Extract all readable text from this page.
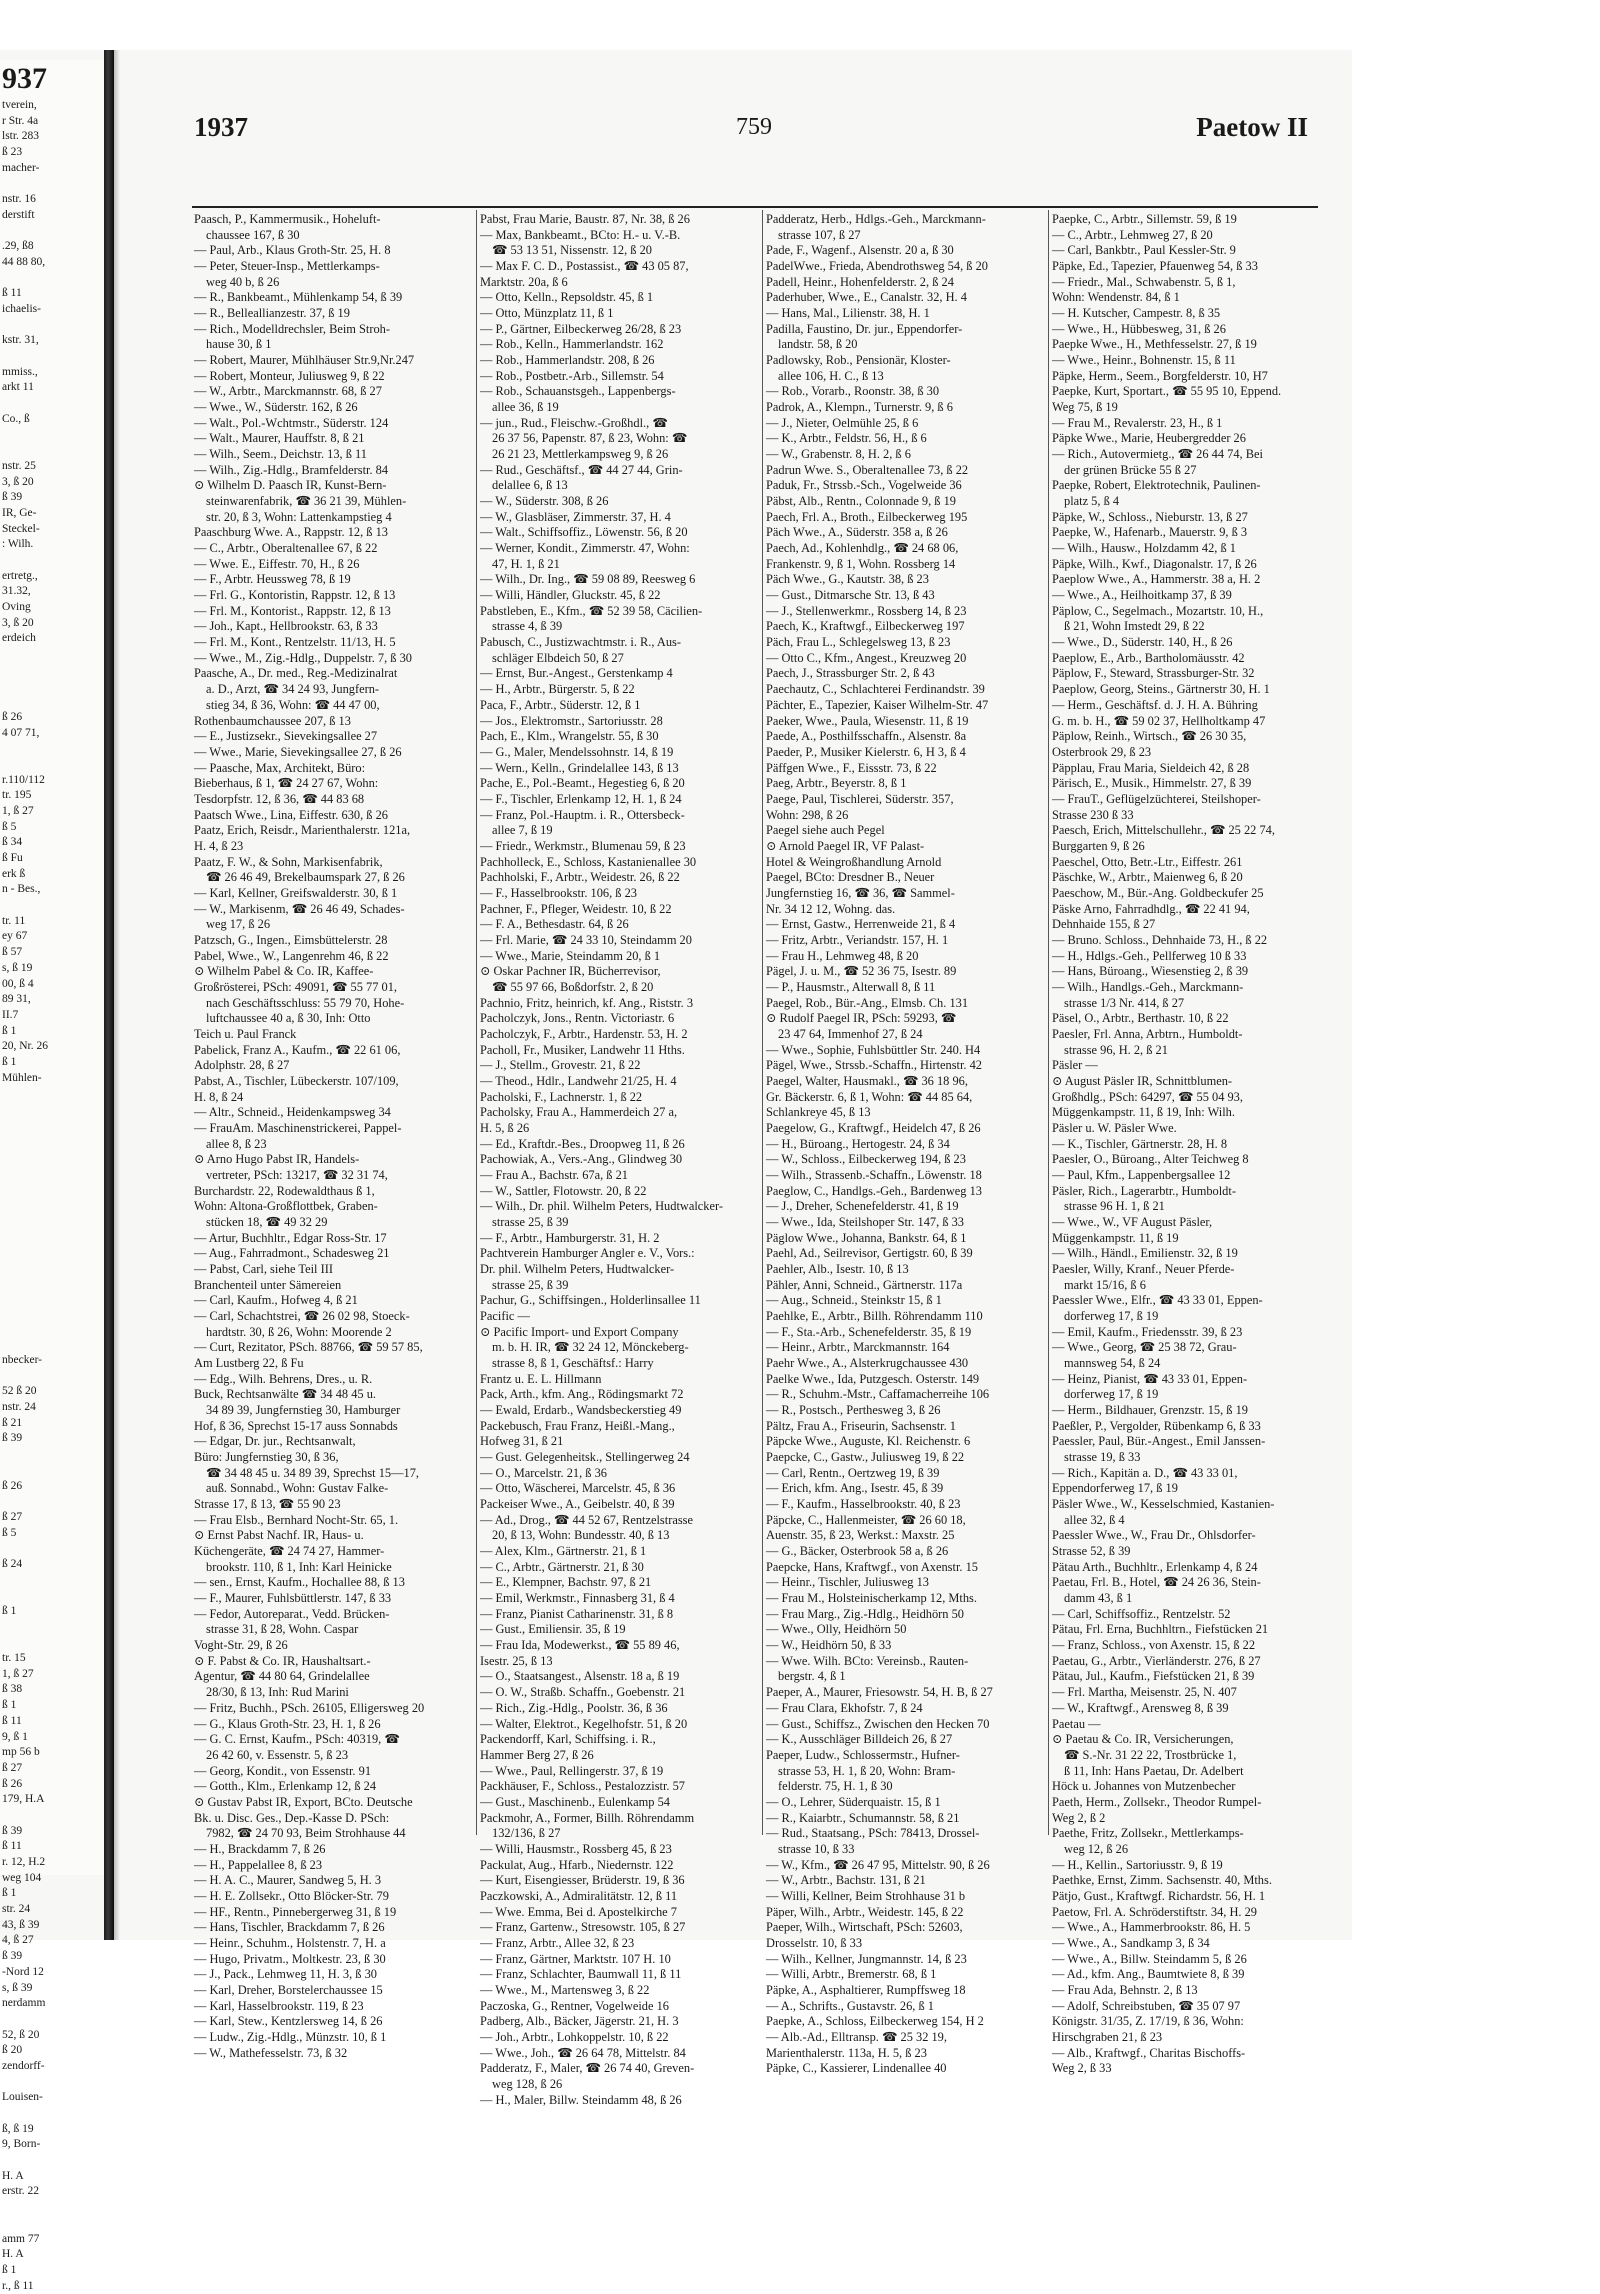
937
tverein,
r Str. 4a
lstr. 283
ß 23
macher-
nstr. 16
derstift
.29, ß8
44 88 80,
ß 11
ichaelis-
kstr. 31,
mmiss.,
arkt 11
Co., ß
nstr. 25
3, ß 20
ß 39
IR, Ge-
Steckel-
: Wilh.
ertretg.,
31.32,
Oving
3, ß 20
erdeich
ß 26
4 07 71,
r.110/112
tr. 195
1, ß 27
ß 5
ß 34
ß Fu
erk ß
n - Bes.,
tr. 11
ey 67
ß 57
s, ß 19
00, ß 4
89 31,
II.7
ß 1
20, Nr. 26
ß 1
Mühlen-
nbecker-
52 ß 20
nstr. 24
ß 21
ß 39
ß 26
ß 27
ß 5
ß 24
ß 1
tr. 15
1, ß 27
ß 38
ß 1
ß 11
9, ß 1
mp 56 b
ß 27
ß 26
179, H.A
ß 39
ß 11
r. 12, H.2
weg 104
ß 1
str. 24
43, ß 39
4, ß 27
ß 39
-Nord 12
s, ß 39
nerdamm
52, ß 20
ß 20
zendorff-
Louisen-
ß, ß 19
9, Born-
H. A
erstr. 22
amm 77
H. A
ß 1
r., ß 11
1937	759	Paetow II
Paasch, P., Kammermusik., Hoheluft-
chaussee 167, ß 30
— Paul, Arb., Klaus Groth-Str. 25, H. 8
— Peter, Steuer-Insp., Mettlerkamps-
weg 40 b, ß 26
— R., Bankbeamt., Mühlenkamp 54, ß 39
— R., Belleallianzestr. 37, ß 19
— Rich., Modelldrechsler, Beim Stroh-
hause 30, ß 1
— Robert, Maurer, Mühlhäuser Str.9,Nr.247
— Robert, Monteur, Juliusweg 9, ß 22
— W., Arbtr., Marckmannstr. 68, ß 27
— Wwe., W., Süderstr. 162, ß 26
— Walt., Pol.-Wchtmstr., Süderstr. 124
— Walt., Maurer, Hauffstr. 8, ß 21
— Wilh., Seem., Deichstr. 13, ß 11
— Wilh., Zig.-Hdlg., Bramfelderstr. 84
⊙ Wilhelm D. Paasch IR, Kunst-Bern-
steinwarenfabrik, ☎ 36 21 39, Mühlen-
str. 20, ß 3, Wohn: Lattenkampstieg 4
Paaschburg Wwe. A., Rappstr. 12, ß 13
— C., Arbtr., Oberaltenallee 67, ß 22
— Wwe. E., Eiffestr. 70, H., ß 26
— F., Arbtr. Heussweg 78, ß 19
— Frl. G., Kontoristin, Rappstr. 12, ß 13
— Frl. M., Kontorist., Rappstr. 12, ß 13
— Joh., Kapt., Hellbrookstr. 63, ß 33
— Frl. M., Kont., Rentzelstr. 11/13, H. 5
— Wwe., M., Zig.-Hdlg., Duppelstr. 7, ß 30
Paasche, A., Dr. med., Reg.-Medizinalrat
a. D., Arzt, ☎ 34 24 93, Jungfern-
stieg 34, ß 36, Wohn: ☎ 44 47 00,
Rothenbaumchaussee 207, ß 13
— E., Justizsekr., Sievekingsallee 27
— Wwe., Marie, Sievekingsallee 27, ß 26
— Paasche, Max, Architekt, Büro:
Bieberhaus, ß 1, ☎ 24 27 67, Wohn:
Tesdorpfstr. 12, ß 36, ☎ 44 83 68
Paatsch Wwe., Lina, Eiffestr. 630, ß 26
Paatz, Erich, Reisdr., Marienthalerstr. 121a,
H. 4, ß 23
Paatz, F. W., & Sohn, Markisenfabrik,
☎ 26 46 49, Brekelbaumspark 27, ß 26
— Karl, Kellner, Greifswalderstr. 30, ß 1
— W., Markisenm, ☎ 26 46 49, Schades-
weg 17, ß 26
Patzsch, G., Ingen., Eimsbüttelerstr. 28
Pabel, Wwe., W., Langenrehm 46, ß 22
⊙ Wilhelm Pabel & Co. IR, Kaffee-
Großrösterei, PSch: 49091, ☎ 55 77 01,
nach Geschäftsschluss: 55 79 70, Hohe-
luftchaussee 40 a, ß 30, Inh: Otto
Teich u. Paul Franck
Pabelick, Franz A., Kaufm., ☎ 22 61 06,
Adolphstr. 28, ß 27
Pabst, A., Tischler, Lübeckerstr. 107/109,
H. 8, ß 24
— Altr., Schneid., Heidenkampsweg 34
— FrauAm. Maschinenstrickerei, Pappel-
allee 8, ß 23
⊙ Arno Hugo Pabst IR, Handels-
vertreter, PSch: 13217, ☎ 32 31 74,
Burchardstr. 22, Rodewaldthaus ß 1,
Wohn: Altona-Großflottbek, Graben-
stücken 18, ☎ 49 32 29
— Artur, Buchhltr., Edgar Ross-Str. 17
— Aug., Fahrradmont., Schadesweg 21
— Pabst, Carl, siehe Teil III
Branchenteil unter Sämereien
— Carl, Kaufm., Hofweg 4, ß 21
— Carl, Schachtstrei, ☎ 26 02 98, Stoeck-
hardtstr. 30, ß 26, Wohn: Moorende 2
— Curt, Rezitator, PSch. 88766, ☎ 59 57 85,
Am Lustberg 22, ß Fu
— Edg., Wilh. Behrens, Dres., u. R.
Buck, Rechtsanwälte ☎ 34 48 45 u.
34 89 39, Jungfernstieg 30, Hamburger
Hof, ß 36, Sprechst 15-17 auss Sonnabds
— Edgar, Dr. jur., Rechtsanwalt,
Büro: Jungfernstieg 30, ß 36,
☎ 34 48 45 u. 34 89 39, Sprechst 15—17,
auß. Sonnabd., Wohn: Gustav Falke-
Strasse 17, ß 13, ☎ 55 90 23
— Frau Elsb., Bernhard Nocht-Str. 65, 1.
⊙ Ernst Pabst Nachf. IR, Haus- u.
Küchengeräte, ☎ 24 74 27, Hammer-
brookstr. 110, ß 1, Inh: Karl Heinicke
— sen., Ernst, Kaufm., Hochallee 88, ß 13
— F., Maurer, Fuhlsbüttlerstr. 147, ß 33
— Fedor, Autoreparat., Vedd. Brücken-
strasse 31, ß 28, Wohn. Caspar
Voght-Str. 29, ß 26
⊙ F. Pabst & Co. IR, Haushaltsart.-
Agentur, ☎ 44 80 64, Grindelallee
28/30, ß 13, Inh: Rud Marini
— Fritz, Buchh., PSch. 26105, Elligersweg 20
— G., Klaus Groth-Str. 23, H. 1, ß 26
— G. C. Ernst, Kaufm., PSch: 40319, ☎
26 42 60, v. Essenstr. 5, ß 23
— Georg, Kondit., von Essenstr. 91
— Gotth., Klm., Erlenkamp 12, ß 24
⊙ Gustav Pabst IR, Export, BCto. Deutsche
Bk. u. Disc. Ges., Dep.-Kasse D. PSch:
7982, ☎ 24 70 93, Beim Strohhause 44
— H., Brackdamm 7, ß 26
— H., Pappelallee 8, ß 23
— H. A. C., Maurer, Sandweg 5, H. 3
— H. E. Zollsekr., Otto Blöcker-Str. 79
— HF., Rentn., Pinnebergerweg 31, ß 19
— Hans, Tischler, Brackdamm 7, ß 26
— Heinr., Schuhm., Holstenstr. 7, H. a
— Hugo, Privatm., Moltkestr. 23, ß 30
— J., Pack., Lehmweg 11, H. 3, ß 30
— Karl, Dreher, Borstelerchaussee 15
— Karl, Hasselbrookstr. 119, ß 23
— Karl, Stew., Kentzlersweg 14, ß 26
— Ludw., Zig.-Hdlg., Münzstr. 10, ß 1
— W., Mathefesselstr. 73, ß 32
Pabst, Frau Marie, Baustr. 87, Nr. 38, ß 26
— Max, Bankbeamt., BCto: H.- u. V.-B.
☎ 53 13 51, Nissenstr. 12, ß 20
— Max F. C. D., Postassist., ☎ 43 05 87,
Marktstr. 20a, ß 6
— Otto, Kelln., Repsoldstr. 45, ß 1
— Otto, Münzplatz 11, ß 1
— P., Gärtner, Eilbeckerweg 26/28, ß 23
— Rob., Kelln., Hammerlandstr. 162
— Rob., Hammerlandstr. 208, ß 26
— Rob., Postbetr.-Arb., Sillemstr. 54
— Rob., Schauanstsgeh., Lappenbergs-
allee 36, ß 19
— jun., Rud., Fleischw.-Großhdl., ☎
26 37 56, Papenstr. 87, ß 23, Wohn: ☎
26 21 23, Mettlerkampsweg 9, ß 26
— Rud., Geschäftsf., ☎ 44 27 44, Grin-
delallee 6, ß 13
— W., Süderstr. 308, ß 26
— W., Glasbläser, Zimmerstr. 37, H. 4
— Walt., Schiffsoffiz., Löwenstr. 56, ß 20
— Werner, Kondit., Zimmerstr. 47, Wohn:
47, H. 1, ß 21
— Wilh., Dr. Ing., ☎ 59 08 89, Reesweg 6
— Willi, Händler, Gluckstr. 45, ß 22
Pabstleben, E., Kfm., ☎ 52 39 58, Cäcilien-
strasse 4, ß 39
Pabusch, C., Justizwachtmstr. i. R., Aus-
schläger Elbdeich 50, ß 27
— Ernst, Bur.-Angest., Gerstenkamp 4
— H., Arbtr., Bürgerstr. 5, ß 22
Paca, F., Arbtr., Süderstr. 12, ß 1
— Jos., Elektromstr., Sartoriusstr. 28
Pach, E., Klm., Wrangelstr. 55, ß 30
— G., Maler, Mendelssohnstr. 14, ß 19
— Wern., Kelln., Grindelallee 143, ß 13
Pache, E., Pol.-Beamt., Hegestieg 6, ß 20
— F., Tischler, Erlenkamp 12, H. 1, ß 24
— Franz, Pol.-Hauptm. i. R., Ottersbeck-
allee 7, ß 19
— Friedr., Werkmstr., Blumenau 59, ß 23
Pachholleck, E., Schloss, Kastanienallee 30
Pachholski, F., Arbtr., Weidestr. 26, ß 22
— F., Hasselbrookstr. 106, ß 23
Pachner, F., Pfleger, Weidestr. 10, ß 22
— F. A., Bethesdastr. 64, ß 26
— Frl. Marie, ☎ 24 33 10, Steindamm 20
— Wwe., Marie, Steindamm 20, ß 1
⊙ Oskar Pachner IR, Bücherrevisor,
☎ 55 97 66, Boßdorfstr. 2, ß 20
Pachnio, Fritz, heinrich, kf. Ang., Riststr. 3
Pacholczyk, Jons., Rentn. Victoriastr. 6
Pacholczyk, F., Arbtr., Hardenstr. 53, H. 2
Pacholl, Fr., Musiker, Landwehr 11 Hths.
— J., Stellm., Grovestr. 21, ß 22
— Theod., Hdlr., Landwehr 21/25, H. 4
Pacholski, F., Lachnerstr. 1, ß 22
Pacholsky, Frau A., Hammerdeich 27 a,
H. 5, ß 26
— Ed., Kraftdr.-Bes., Droopweg 11, ß 26
Pachowiak, A., Vers.-Ang., Glindweg 30
— Frau A., Bachstr. 67a, ß 21
— W., Sattler, Flotowstr. 20, ß 22
— Wilh., Dr. phil. Wilhelm Peters, Hudtwalcker-
strasse 25, ß 39
— F., Arbtr., Hamburgerstr. 31, H. 2
Pachtverein Hamburger Angler e. V., Vors.:
Dr. phil. Wilhelm Peters, Hudtwalcker-
strasse 25, ß 39
Pachur, G., Schiffsingen., Holderlinsallee 11
Pacific —
⊙ Pacific Import- und Export Company
m. b. H. IR, ☎ 32 24 12, Mönckeberg-
strasse 8, ß 1, Geschäftsf.: Harry
Frantz u. E. L. Hillmann
Pack, Arth., kfm. Ang., Rödingsmarkt 72
— Ewald, Erdarb., Wandsbeckerstieg 49
Packebusch, Frau Franz, Heißl.-Mang.,
Hofweg 31, ß 21
— Gust. Gelegenheitsk., Stellingerweg 24
— O., Marcelstr. 21, ß 36
— Otto, Wäscherei, Marcelstr. 45, ß 36
Packeiser Wwe., A., Geibelstr. 40, ß 39
— Ad., Drog., ☎ 44 52 67, Rentzelstrasse
20, ß 13, Wohn: Bundesstr. 40, ß 13
— Alex, Klm., Gärtnerstr. 21, ß 1
— C., Arbtr., Gärtnerstr. 21, ß 30
— E., Klempner, Bachstr. 97, ß 21
— Emil, Werkmstr., Finnasberg 31, ß 4
— Franz, Pianist Catharinenstr. 31, ß 8
— Gust., Emiliensir. 35, ß 19
— Frau Ida, Modewerkst., ☎ 55 89 46,
Isestr. 25, ß 13
— O., Staatsangest., Alsenstr. 18 a, ß 19
— O. W., Straßb. Schaffn., Goebenstr. 21
— Rich., Zig.-Hdlg., Poolstr. 36, ß 36
— Walter, Elektrot., Kegelhofstr. 51, ß 20
Packendorff, Karl, Schiffsing. i. R.,
Hammer Berg 27, ß 26
— Wwe., Paul, Rellingerstr. 37, ß 19
Packhäuser, F., Schloss., Pestalozzistr. 57
— Gust., Maschinenb., Eulenkamp 54
Packmohr, A., Former, Billh. Röhrendamm
132/136, ß 27
— Willi, Hausmstr., Rossberg 45, ß 23
Packulat, Aug., Hfarb., Niedernstr. 122
— Kurt, Eisengiesser, Brüderstr. 19, ß 36
Paczkowski, A., Admiralitätstr. 12, ß 11
— Wwe. Emma, Bei d. Apostelkirche 7
— Franz, Gartenw., Stresowstr. 105, ß 27
— Franz, Arbtr., Allee 32, ß 23
— Franz, Gärtner, Marktstr. 107 H. 10
— Franz, Schlachter, Baumwall 11, ß 11
— Wwe., M., Martensweg 3, ß 22
Paczoska, G., Rentner, Vogelweide 16
Padberg, Alb., Bäcker, Jägerstr. 21, H. 3
— Joh., Arbtr., Lohkoppelstr. 10, ß 22
— Wwe., Joh., ☎ 26 64 78, Mittelstr. 84
Padderatz, F., Maler, ☎ 26 74 40, Greven-
weg 128, ß 26
— H., Maler, Billw. Steindamm 48, ß 26
Padderatz, Herb., Hdlgs.-Geh., Marckmann-
strasse 107, ß 27
Pade, F., Wagenf., Alsenstr. 20 a, ß 30
PadelWwe., Frieda, Abendrothsweg 54, ß 20
Padell, Heinr., Hohenfelderstr. 2, ß 24
Paderhuber, Wwe., E., Canalstr. 32, H. 4
— Hans, Mal., Lilienstr. 38, H. 1
Padilla, Faustino, Dr. jur., Eppendorfer-
landstr. 58, ß 20
Padlowsky, Rob., Pensionär, Kloster-
allee 106, H. C., ß 13
— Rob., Vorarb., Roonstr. 38, ß 30
Padrok, A., Klempn., Turnerstr. 9, ß 6
— J., Nieter, Oelmühle 25, ß 6
— K., Arbtr., Feldstr. 56, H., ß 6
— W., Grabenstr. 8, H. 2, ß 6
Padrun Wwe. S., Oberaltenallee 73, ß 22
Paduk, Fr., Strssb.-Sch., Vogelweide 36
Päbst, Alb., Rentn., Colonnade 9, ß 19
Paech, Frl. A., Broth., Eilbeckerweg 195
Päch Wwe., A., Süderstr. 358 a, ß 26
Paech, Ad., Kohlenhdlg., ☎ 24 68 06,
Frankenstr. 9, ß 1, Wohn. Rossberg 14
Päch Wwe., G., Kautstr. 38, ß 23
— Gust., Ditmarsche Str. 13, ß 43
— J., Stellenwerkmr., Rossberg 14, ß 23
Paech, K., Kraftwgf., Eilbeckerweg 197
Päch, Frau L., Schlegelsweg 13, ß 23
— Otto C., Kfm., Angest., Kreuzweg 20
Paech, J., Strassburger Str. 2, ß 43
Paechautz, C., Schlachterei Ferdinandstr. 39
Pächter, E., Tapezier, Kaiser Wilhelm-Str. 47
Paeker, Wwe., Paula, Wiesenstr. 11, ß 19
Paede, A., Posthilfsschaffn., Alsenstr. 8a
Paeder, P., Musiker Kielerstr. 6, H 3, ß 4
Päffgen Wwe., F., Eissstr. 73, ß 22
Paeg, Arbtr., Beyerstr. 8, ß 1
Paege, Paul, Tischlerei, Süderstr. 357,
Wohn: 298, ß 26
Paegel siehe auch Pegel
⊙ Arnold Paegel IR, VF Palast-
Hotel & Weingroßhandlung Arnold
Paegel, BCto: Dresdner B., Neuer
Jungfernstieg 16, ☎ 36, ☎ Sammel-
Nr. 34 12 12, Wohng. das.
— Ernst, Gastw., Herrenweide 21, ß 4
— Fritz, Arbtr., Veriandstr. 157, H. 1
— Frau H., Lehmweg 48, ß 20
Pägel, J. u. M., ☎ 52 36 75, Isestr. 89
— P., Hausmstr., Alterwall 8, ß 11
Paegel, Rob., Bür.-Ang., Elmsb. Ch. 131
⊙ Rudolf Paegel IR, PSch: 59293, ☎
23 47 64, Immenhof 27, ß 24
— Wwe., Sophie, Fuhlsbüttler Str. 240. H4
Pägel, Wwe., Strssb.-Schaffn., Hirtenstr. 42
Paegel, Walter, Hausmakl., ☎ 36 18 96,
Gr. Bäckerstr. 6, ß 1, Wohn: ☎ 44 85 64,
Schlankreye 45, ß 13
Paegelow, G., Kraftwgf., Heidelch 47, ß 26
— H., Büroang., Hertogestr. 24, ß 34
— W., Schloss., Eilbeckerweg 194, ß 23
— Wilh., Strassenb.-Schaffn., Löwenstr. 18
Paeglow, C., Handlgs.-Geh., Bardenweg 13
— J., Dreher, Schenefelderstr. 41, ß 19
— Wwe., Ida, Steilshoper Str. 147, ß 33
Päglow Wwe., Johanna, Bankstr. 64, ß 1
Paehl, Ad., Seilrevisor, Gertigstr. 60, ß 39
Paehler, Alb., Isestr. 10, ß 13
Pähler, Anni, Schneid., Gärtnerstr. 117a
— Aug., Schneid., Steinkstr 15, ß 1
Paehlke, E., Arbtr., Billh. Röhrendamm 110
— F., Sta.-Arb., Schenefelderstr. 35, ß 19
— Heinr., Arbtr., Marckmannstr. 164
Paehr Wwe., A., Alsterkrugchaussee 430
Paelke Wwe., Ida, Putzgesch. Osterstr. 149
— R., Schuhm.-Mstr., Caffamacherreihe 106
— R., Postsch., Perthesweg 3, ß 26
Pältz, Frau A., Friseurin, Sachsenstr. 1
Päpcke Wwe., Auguste, Kl. Reichenstr. 6
Paepcke, C., Gastw., Juliusweg 19, ß 22
— Carl, Rentn., Oertzweg 19, ß 39
— Erich, kfm. Ang., Isestr. 45, ß 39
— F., Kaufm., Hasselbrookstr. 40, ß 23
Päpcke, C., Hallenmeister, ☎ 26 60 18,
Auenstr. 35, ß 23, Werkst.: Maxstr. 25
— G., Bäcker, Osterbrook 58 a, ß 26
Paepcke, Hans, Kraftwgf., von Axenstr. 15
— Heinr., Tischler, Juliusweg 13
— Frau M., Holsteinischerkamp 12, Mths.
— Frau Marg., Zig.-Hdlg., Heidhörn 50
— Wwe., Olly, Heidhörn 50
— W., Heidhörn 50, ß 33
— Wwe. Wilh. BCto: Vereinsb., Rauten-
bergstr. 4, ß 1
Paeper, A., Maurer, Friesowstr. 54, H. B, ß 27
— Frau Clara, Ekhofstr. 7, ß 24
— Gust., Schiffsz., Zwischen den Hecken 70
— K., Ausschläger Billdeich 26, ß 27
Paeper, Ludw., Schlossermstr., Hufner-
strasse 53, H. 1, ß 20, Wohn: Bram-
felderstr. 75, H. 1, ß 30
— O., Lehrer, Süderquaistr. 15, ß 1
— R., Kaiarbtr., Schumannstr. 58, ß 21
— Rud., Staatsang., PSch: 78413, Drossel-
strasse 10, ß 33
— W., Kfm., ☎ 26 47 95, Mittelstr. 90, ß 26
— W., Arbtr., Bachstr. 131, ß 21
— Willi, Kellner, Beim Strohhause 31 b
Päper, Wilh., Arbtr., Weidestr. 145, ß 22
Paeper, Wilh., Wirtschaft, PSch: 52603,
Drosselstr. 10, ß 33
— Wilh., Kellner, Jungmannstr. 14, ß 23
— Willi, Arbtr., Bremerstr. 68, ß 1
Päpke, A., Asphaltierer, Rumpffsweg 18
— A., Schrifts., Gustavstr. 26, ß 1
Paepke, A., Schloss, Eilbeckerweg 154, H 2
— Alb.-Ad., Elltransp. ☎ 25 32 19,
Marienthalerstr. 113a, H. 5, ß 23
Päpke, C., Kassierer, Lindenallee 40
Paepke, C., Arbtr., Sillemstr. 59, ß 19
— C., Arbtr., Lehmweg 27, ß 20
— Carl, Bankbtr., Paul Kessler-Str. 9
Päpke, Ed., Tapezier, Pfauenweg 54, ß 33
— Friedr., Mal., Schwabenstr. 5, ß 1,
Wohn: Wendenstr. 84, ß 1
— H. Kutscher, Campestr. 8, ß 35
— Wwe., H., Hübbesweg, 31, ß 26
Paepke Wwe., H., Methfesselstr. 27, ß 19
— Wwe., Heinr., Bohnenstr. 15, ß 11
Päpke, Herm., Seem., Borgfelderstr. 10, H7
Paepke, Kurt, Sportart., ☎ 55 95 10, Eppend.
Weg 75, ß 19
— Frau M., Revalerstr. 23, H., ß 1
Päpke Wwe., Marie, Heubergredder 26
— Rich., Autovermietg., ☎ 26 44 74, Bei
der grünen Brücke 55 ß 27
Paepke, Robert, Elektrotechnik, Paulinen-
platz 5, ß 4
Päpke, W., Schloss., Nieburstr. 13, ß 27
Paepke, W., Hafenarb., Mauerstr. 9, ß 3
— Wilh., Hausw., Holzdamm 42, ß 1
Päpke, Wilh., Kwf., Diagonalstr. 17, ß 26
Paeplow Wwe., A., Hammerstr. 38 a, H. 2
— Wwe., A., Heilhoitkamp 37, ß 39
Päplow, C., Segelmach., Mozartstr. 10, H.,
ß 21, Wohn Imstedt 29, ß 22
— Wwe., D., Süderstr. 140, H., ß 26
Paeplow, E., Arb., Bartholomäusstr. 42
Päplow, F., Steward, Strassburger-Str. 32
Paeplow, Georg, Steins., Gärtnerstr 30, H. 1
— Herm., Geschäftsf. d. J. H. A. Bühring
G. m. b. H., ☎ 59 02 37, Hellholtkamp 47
Päplow, Reinh., Wirtsch., ☎ 26 30 35,
Osterbrook 29, ß 23
Päpplau, Frau Maria, Sieldeich 42, ß 28
Pärisch, E., Musik., Himmelstr. 27, ß 39
— FrauT., Geflügelzüchterei, Steilshoper-
Strasse 230 ß 33
Paesch, Erich, Mittelschullehr., ☎ 25 22 74,
Burggarten 9, ß 26
Paeschel, Otto, Betr.-Ltr., Eiffestr. 261
Päschke, W., Arbtr., Maienweg 6, ß 20
Paeschow, M., Bür.-Ang. Goldbeckufer 25
Päske Arno, Fahrradhdlg., ☎ 22 41 94,
Dehnhaide 155, ß 27
— Bruno. Schloss., Dehnhaide 73, H., ß 22
— H., Hdlgs.-Geh., Pellferweg 10 ß 33
— Hans, Büroang., Wiesenstieg 2, ß 39
— Wilh., Handlgs.-Geh., Marckmann-
strasse 1/3 Nr. 414, ß 27
Päsel, O., Arbtr., Berthastr. 10, ß 22
Paesler, Frl. Anna, Arbtrn., Humboldt-
strasse 96, H. 2, ß 21
Päsler —
⊙ August Päsler IR, Schnittblumen-
Großhdlg., PSch: 64297, ☎ 55 04 93,
Müggenkampstr. 11, ß 19, Inh: Wilh.
Päsler u. W. Päsler Wwe.
— K., Tischler, Gärtnerstr. 28, H. 8
Paesler, O., Büroang., Alter Teichweg 8
— Paul, Kfm., Lappenbergsallee 12
Päsler, Rich., Lagerarbtr., Humboldt-
strasse 96 H. 1, ß 21
— Wwe., W., VF August Päsler,
Müggenkampstr. 11, ß 19
— Wilh., Händl., Emilienstr. 32, ß 19
Paesler, Willy, Kranf., Neuer Pferde-
markt 15/16, ß 6
Paessler Wwe., Elfr., ☎ 43 33 01, Eppen-
dorferweg 17, ß 19
— Emil, Kaufm., Friedensstr. 39, ß 23
— Wwe., Georg, ☎ 25 38 72, Grau-
mannsweg 54, ß 24
— Heinz, Pianist, ☎ 43 33 01, Eppen-
dorferweg 17, ß 19
— Herm., Bildhauer, Grenzstr. 15, ß 19
Paeßler, P., Vergolder, Rübenkamp 6, ß 33
Paessler, Paul, Bür.-Angest., Emil Janssen-
strasse 19, ß 33
— Rich., Kapitän a. D., ☎ 43 33 01,
Eppendorferweg 17, ß 19
Päsler Wwe., W., Kesselschmied, Kastanien-
allee 32, ß 4
Paessler Wwe., W., Frau Dr., Ohlsdorfer-
Strasse 52, ß 39
Pätau Arth., Buchhltr., Erlenkamp 4, ß 24
Paetau, Frl. B., Hotel, ☎ 24 26 36, Stein-
damm 43, ß 1
— Carl, Schiffsoffiz., Rentzelstr. 52
Pätau, Frl. Erna, Buchhltrn., Fiefstücken 21
— Franz, Schloss., von Axenstr. 15, ß 22
Paetau, G., Arbtr., Vierländerstr. 276, ß 27
Pätau, Jul., Kaufm., Fiefstücken 21, ß 39
— Frl. Martha, Meisenstr. 25, N. 407
— W., Kraftwgf., Arensweg 8, ß 39
Paetau —
⊙ Paetau & Co. IR, Versicherungen,
☎ S.-Nr. 31 22 22, Trostbrücke 1,
ß 11, Inh: Hans Paetau, Dr. Adelbert
Höck u. Johannes von Mutzenbecher
Paeth, Herm., Zollsekr., Theodor Rumpel-
Weg 2, ß 2
Paethe, Fritz, Zollsekr., Mettlerkamps-
weg 12, ß 26
— H., Kellin., Sartoriusstr. 9, ß 19
Paethke, Ernst, Zimm. Sachsenstr. 40, Mths.
Pätjo, Gust., Kraftwgf. Richardstr. 56, H. 1
Paetow, Frl. A. Schröderstiftstr. 34, H. 29
— Wwe., A., Hammerbrookstr. 86, H. 5
— Wwe., A., Sandkamp 3, ß 34
— Wwe., A., Billw. Steindamm 5, ß 26
— Ad., kfm. Ang., Baumtwiete 8, ß 39
— Frau Ada, Behnstr. 2, ß 13
— Adolf, Schreibstuben, ☎ 35 07 97
Königstr. 31/35, Z. 17/19, ß 36, Wohn:
Hirschgraben 21, ß 23
— Alb., Kraftwgf., Charitas Bischoffs-
Weg 2, ß 33
